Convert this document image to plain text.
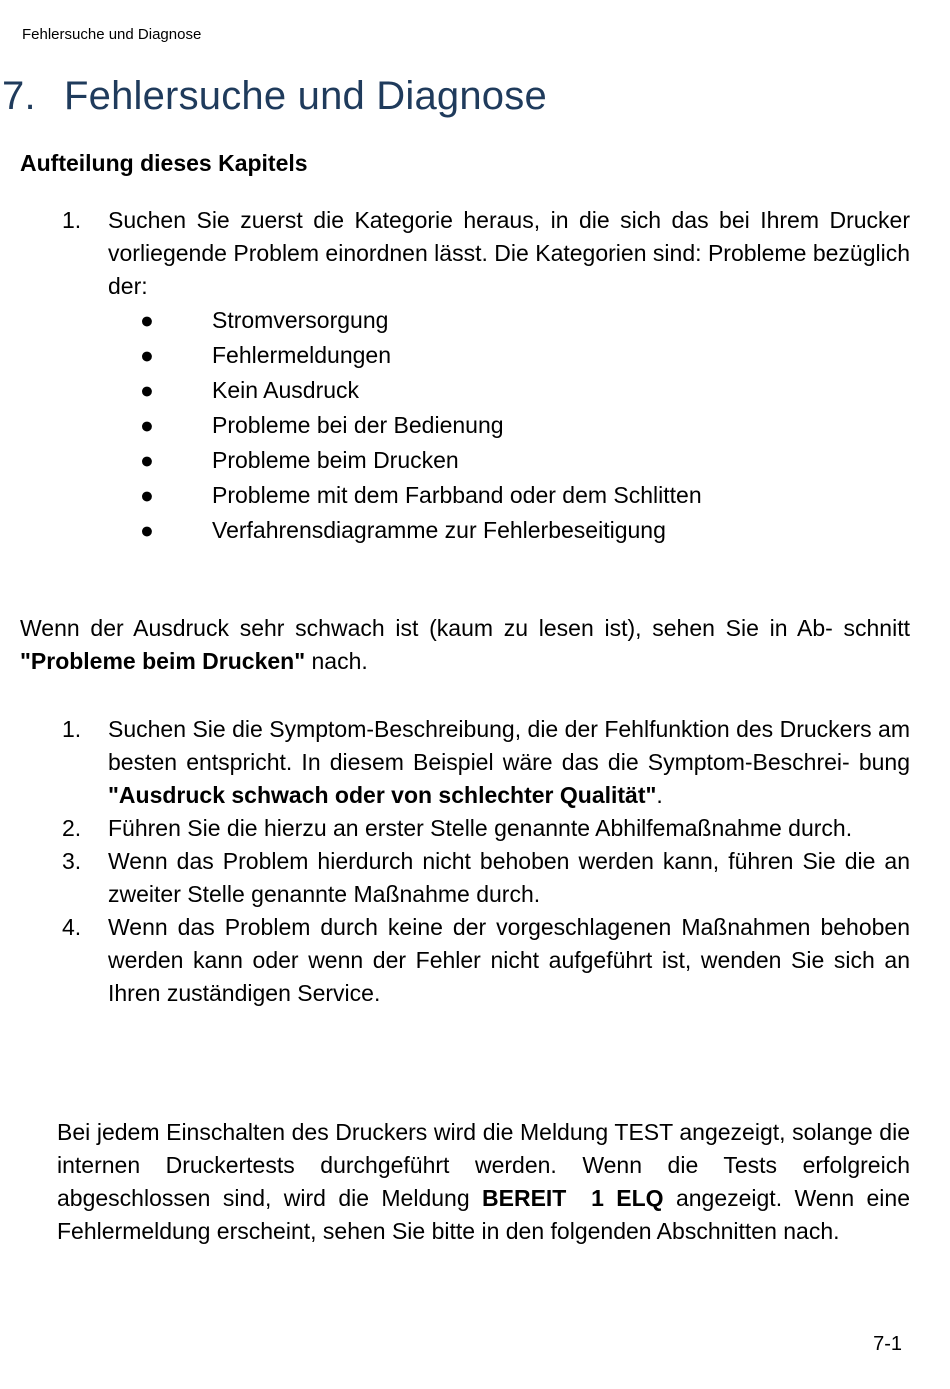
Fehlersuche und Diagnose
7. Fehlersuche und Diagnose
Aufteilung dieses Kapitels
1. Suchen Sie zuerst die Kategorie heraus, in die sich das bei Ihrem Drucker vorliegende Problem einordnen lässt. Die Kategorien sind: Probleme bezüglich der:
●	Stromversorgung
●	Fehlermeldungen
●	Kein Ausdruck
●	Probleme bei der Bedienung
●	Probleme beim Drucken
●	Probleme mit dem Farbband oder dem Schlitten
●	Verfahrensdiagramme zur Fehlerbeseitigung

Wenn der Ausdruck sehr schwach ist (kaum zu lesen ist), sehen Sie in Ab- schnitt "Probleme beim Drucken" nach.

1. Suchen Sie die Symptom-Beschreibung, die der Fehlfunktion des Druckers am besten entspricht. In diesem Beispiel wäre das die Symptom-Beschrei- bung "Ausdruck schwach oder von schlechter Qualität".
2. Führen Sie die hierzu an erster Stelle genannte Abhilfemaßnahme durch.
3. Wenn das Problem hierdurch nicht behoben werden kann, führen Sie die an zweiter Stelle genannte Maßnahme durch.
4. Wenn das Problem durch keine der vorgeschlagenen Maßnahmen behoben werden kann oder wenn der Fehler nicht aufgeführt ist, wenden Sie sich an Ihren zuständigen Service.

Bei jedem Einschalten des Druckers wird die Meldung TEST angezeigt, solange die internen Druckertests durchgeführt werden. Wenn die Tests erfolgreich abgeschlossen sind, wird die Meldung BEREIT  1 ELQ angezeigt. Wenn eine Fehlermeldung erscheint, sehen Sie bitte in den folgenden Abschnitten nach.

7-1
